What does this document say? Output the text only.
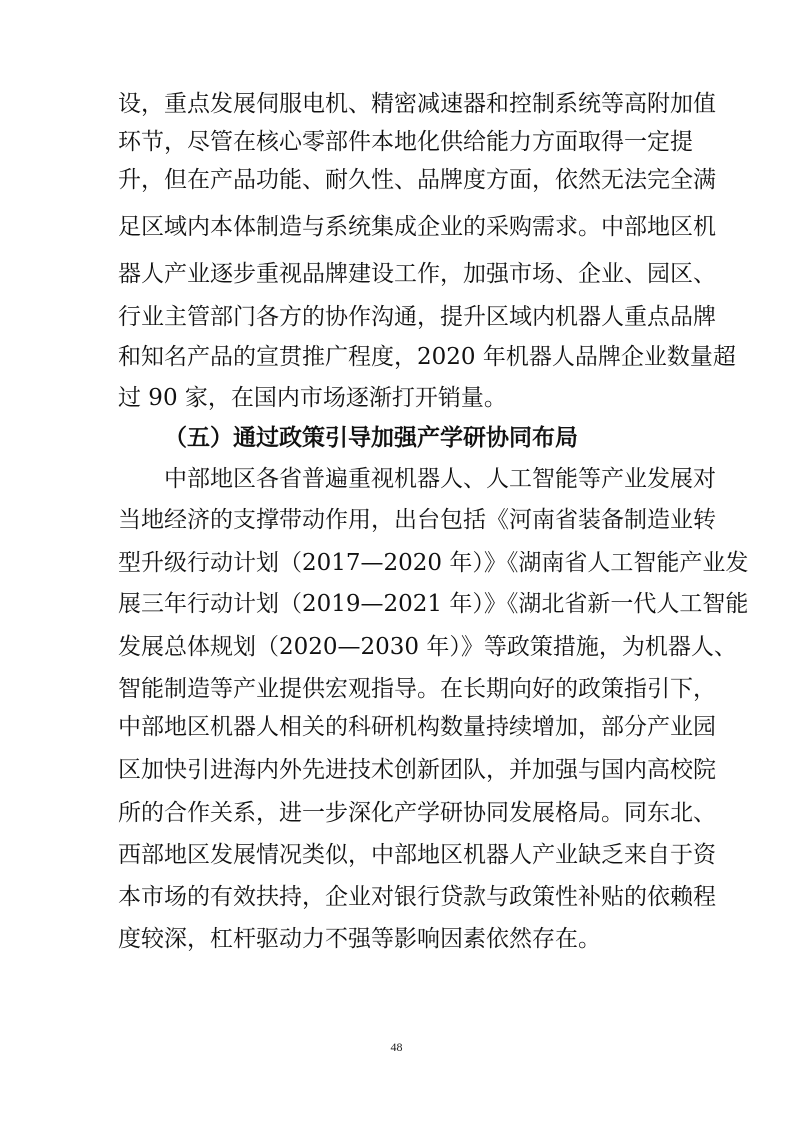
设，重点发展伺服电机、精密减速器和控制系统等高附加值
环节，尽管在核心零部件本地化供给能力方面取得一定提
升，但在产品功能、耐久性、品牌度方面，依然无法完全满
足区域内本体制造与系统集成企业的采购需求。中部地区机
器人产业逐步重视品牌建设工作，加强市场、企业、园区、
行业主管部门各方的协作沟通，提升区域内机器人重点品牌
和知名产品的宣贯推广程度，2020 年机器人品牌企业数量超
过 90 家，在国内市场逐渐打开销量。
（五）通过政策引导加强产学研协同布局
中部地区各省普遍重视机器人、人工智能等产业发展对
当地经济的支撑带动作用，出台包括《河南省装备制造业转
型升级行动计划（2017—2020 年）》《湖南省人工智能产业发
展三年行动计划（2019—2021 年）》《湖北省新一代人工智能
发展总体规划（2020—2030 年）》等政策措施，为机器人、
智能制造等产业提供宏观指导。在长期向好的政策指引下，
中部地区机器人相关的科研机构数量持续增加，部分产业园
区加快引进海内外先进技术创新团队，并加强与国内高校院
所的合作关系，进一步深化产学研协同发展格局。同东北、
48
西部地区发展情况类似，中部地区机器人产业缺乏来自于资
本市场的有效扶持，企业对银行贷款与政策性补贴的依赖程
度较深，杠杆驱动力不强等影响因素依然存在。
